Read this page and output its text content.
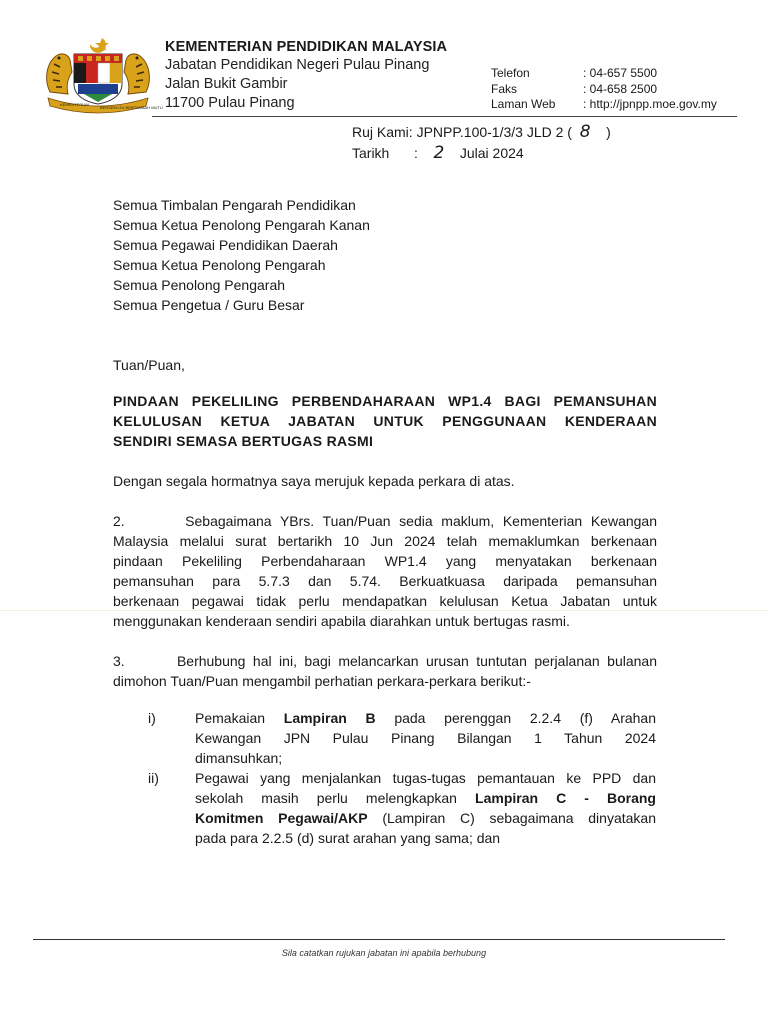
KEMENTERIAN
BERSEKUTU BERTAMBAH MUTU
KEMENTERIAN PENDIDIKAN MALAYSIA
Jabatan Pendidikan Negeri Pulau Pinang
Jalan Bukit Gambir
11700 Pulau Pinang
Telefon	: 04-657 5500
Faks	: 04-658 2500
Laman Web	: http://jpnpp.moe.gov.my
Ruj Kami:
JPNPP.100-1/3/3 JLD 2 (
8
)
Tarikh	:
2
Julai 2024
Semua Timbalan Pengarah Pendidikan
Semua Ketua Penolong Pengarah Kanan
Semua Pegawai Pendidikan Daerah
Semua Ketua Penolong Pengarah
Semua Penolong Pengarah
Semua Pengetua / Guru Besar
Tuan/Puan,
PINDAAN PEKELILING PERBENDAHARAAN WP1.4 BAGI PEMANSUHAN
KELULUSAN KETUA JABATAN UNTUK PENGGUNAAN KENDERAAN
SENDIRI SEMASA BERTUGAS RASMI
Dengan segala hormatnya saya merujuk kepada perkara di atas.
2.       Sebagaimana YBrs. Tuan/Puan sedia maklum, Kementerian Kewangan
Malaysia melalui surat bertarikh 10 Jun 2024 telah memaklumkan berkenaan
pindaan Pekeliling Perbendaharaan WP1.4 yang menyatakan berkenaan
pemansuhan para 5.7.3 dan 5.74. Berkuatkuasa daripada pemansuhan
berkenaan pegawai tidak perlu mendapatkan kelulusan Ketua Jabatan untuk
menggunakan kenderaan sendiri apabila diarahkan untuk bertugas rasmi.
3.       Berhubung hal ini, bagi melancarkan urusan tuntutan perjalanan bulanan
dimohon Tuan/Puan mengambil perhatian perkara-perkara berikut:-
i)	Pemakaian Lampiran B pada perenggan 2.2.4 (f) Arahan
Kewangan JPN Pulau Pinang Bilangan 1 Tahun 2024
dimansuhkan;
ii)	Pegawai yang menjalankan tugas-tugas pemantauan ke PPD dan
sekolah masih perlu melengkapkan Lampiran C - Borang
Komitmen Pegawai/AKP (Lampiran C) sebagaimana dinyatakan
pada para 2.2.5 (d) surat arahan yang sama; dan
Sila catatkan rujukan jabatan ini apabila berhubung
